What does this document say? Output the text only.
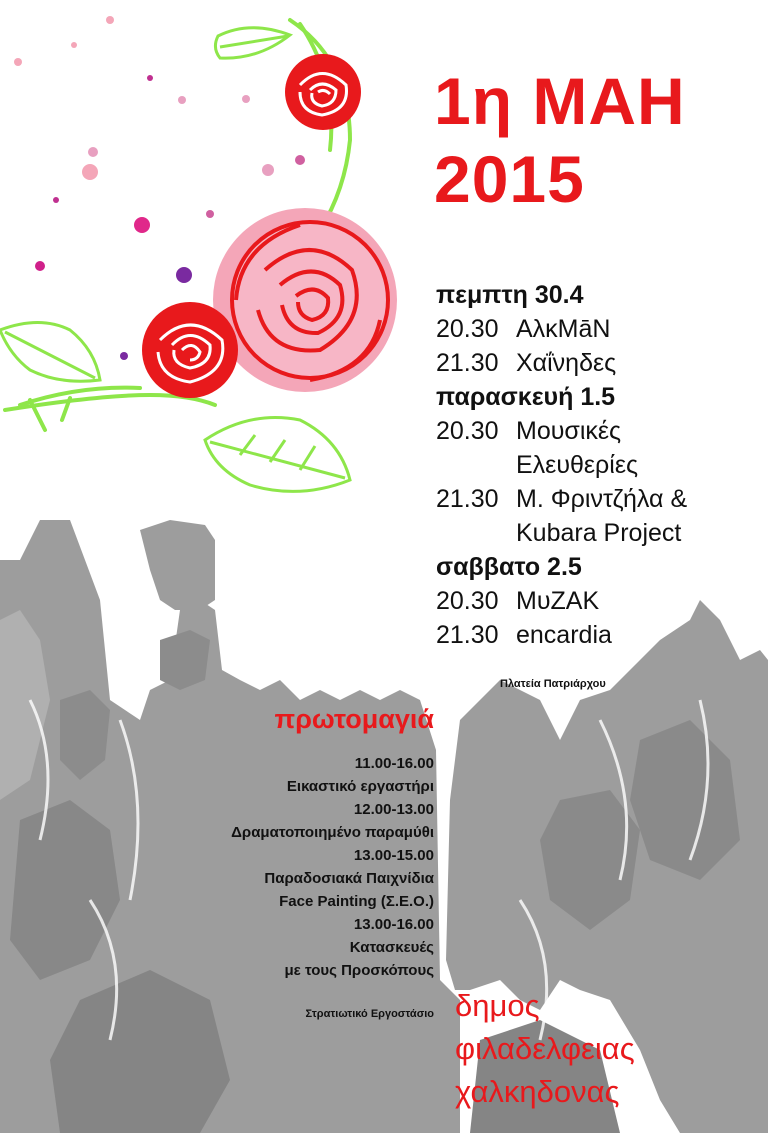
1η ΜΑΗ
2015
πεμπτη 30.4
20.30 ΑλκΜāΝ
21.30 Χαΐνηδες
παρασκευή 1.5
20.30 Μουσικές
Ελευθερίες
21.30 Μ. Φριντζήλα &
Kubara Project
σαββατο 2.5
20.30 ΜυΖΑΚ
21.30 encardia
Πλατεία Πατριάρχου
πρωτομαγιά
11.00-16.00
Εικαστικό εργαστήρι
12.00-13.00
Δραματοποιημένο παραμύθι
13.00-15.00
Παραδοσιακά Παιχνίδια
Face Painting (Σ.Ε.Ο.)
13.00-16.00
Κατασκευές
με τους Προσκόπους
Στρατιωτικό Εργοστάσιο δημος
φιλαδελφειας
χαλκηδονας
